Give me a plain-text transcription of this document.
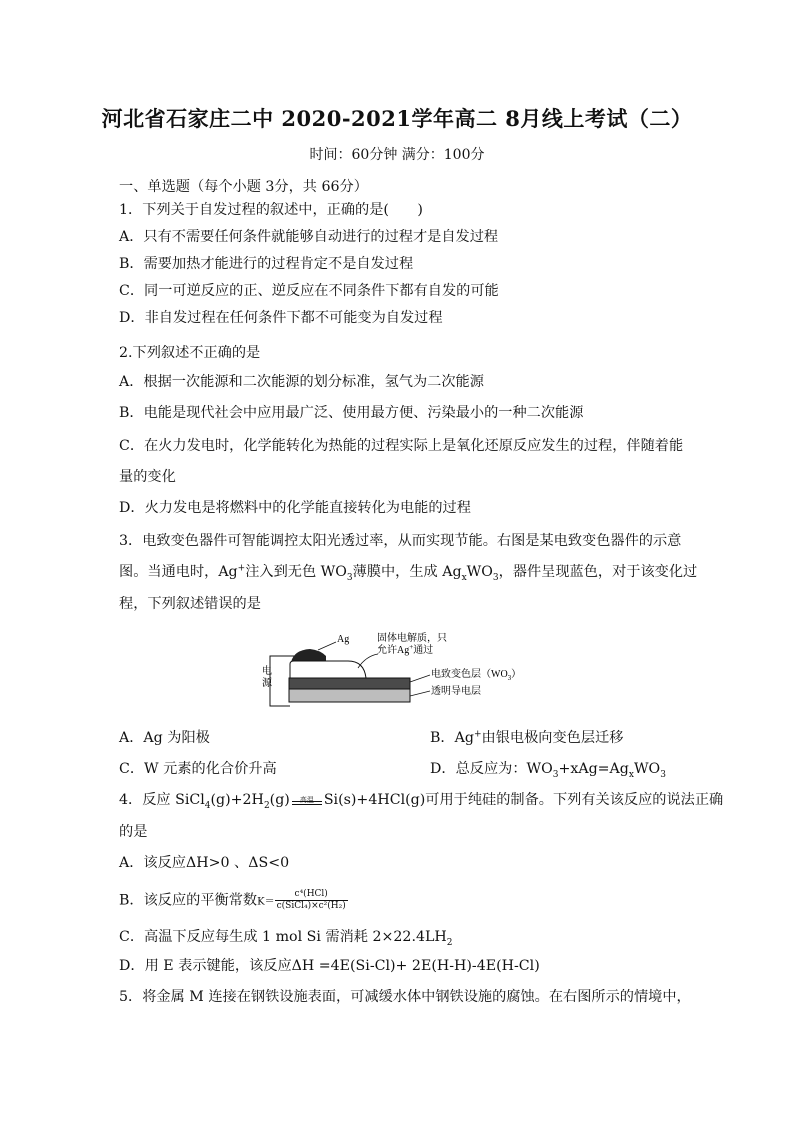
河北省石家庄二中 2020-2021学年高二 8月线上考试（二）
时间：60分钟 满分：100分
一、单选题（每个小题 3分，共 66分）
1．下列关于自发过程的叙述中，正确的是(　　)
A．只有不需要任何条件就能够自动进行的过程才是自发过程
B．需要加热才能进行的过程肯定不是自发过程
C．同一可逆反应的正、逆反应在不同条件下都有自发的可能
D．非自发过程在任何条件下都不可能变为自发过程
2.下列叙述不正确的是
A．根据一次能源和二次能源的划分标准，氢气为二次能源
B．电能是现代社会中应用最广泛、使用最方便、污染最小的一种二次能源
C．在火力发电时，化学能转化为热能的过程实际上是氧化还原反应发生的过程，伴随着能
量的变化
D．火力发电是将燃料中的化学能直接转化为电能的过程
3．电致变色器件可智能调控太阳光透过率，从而实现节能。右图是某电致变色器件的示意
图。当通电时，Ag+注入到无色 $WO_3$薄膜中，生成 $Ag_xWO_3$，器件呈现蓝色，对于该变化过
程，下列叙述错误的是
Ag
电
源
固体电解质，只
允许Ag+通过
电致变色层$(WO_3)$
透明导电层
A．Ag 为阳极	B．Ag+由银电极向变色层迁移
C．W 元素的化合价升高	D．总反应为：$WO_3+xAg=Ag_xWO_3$
4．反应 $SiCl_4(g)+2H_2(g)$	高温 Si(s)+4HCl(g)可用于纯硅的制备。下列有关该反应的说法正确
的是
A．该反应ΔH>0 、ΔS<0
B．该反应的平衡常数$K= \frac{\text{c⁴(HCl)}}{\text{c(SiCl₄)×c²(H₂)}}$
C．高温下反应每生成 1 mol Si 需消耗 $2\times 22.4LH_2$
D．用 E 表示键能，该反应ΔH =4E(Si-Cl)+ 2E(H-H)-4E(H-Cl)
5．将金属 M 连接在钢铁设施表面，可减缓水体中钢铁设施的腐蚀。在右图所示的情境中，
